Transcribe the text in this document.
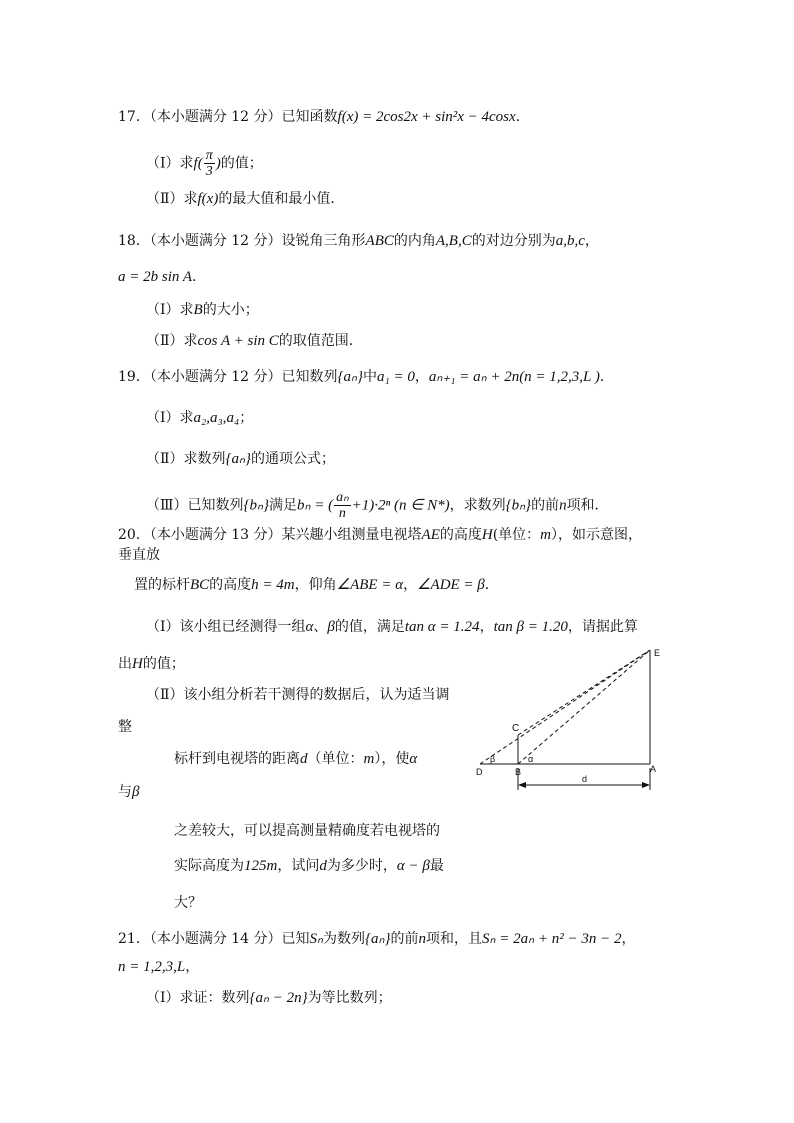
17．（本小题满分 12 分）已知函数f(x) = 2cos2x + sin²x − 4cosx．
（Ⅰ）求$f( \frac{\pi}{3}$ )的值；
（Ⅱ）求f(x)的最大值和最小值．
18．（本小题满分 12 分）设锐角三角形ABC的内角A,B,C的对边分别为a,b,c，
a = 2b sin A．
（Ⅰ）求B的大小；
（Ⅱ）求cos A + sin C的取值范围．
19．（本小题满分 12 分）已知数列{aₙ}中a₁ = 0，aₙ₊₁ = aₙ + 2n(n = 1,2,3,L )．
（Ⅰ）求a₂,a₃,a₄；
（Ⅱ）求数列{aₙ}的通项公式；
（Ⅲ）已知数列{bₙ}满足bₙ = ( $\frac{\text{aₙ}}{n} +1)\cdot 2^n$ (n ∈ N*)，求数列{bₙ}的前n项和．
20．（本小题满分 13 分）某兴趣小组测量电视塔AE的高度H(单位：m），如示意图，
垂直放
置的标杆BC的高度h = 4m，仰角∠ABE = α，∠ADE = β．
（Ⅰ）该小组已经测得一组α、β的值，满足tan α = 1.24，tan β = 1.20，请据此算
出H的值；
（Ⅱ）该小组分析若干测得的数据后，认为适当调
整
标杆到电视塔的距离d（单位：m），使α
与β
之差较大，可以提高测量精确度若电视塔的
实际高度为125m，试问d为多少时，α − β最
大？
E
C
D	B	A
β	α
d
21．（本小题满分 14 分）已知Sₙ为数列{aₙ}的前n项和，且Sₙ = 2aₙ + n² − 3n − 2，
n = 1,2,3,L，
（Ⅰ）求证：数列{aₙ − 2n}为等比数列；
